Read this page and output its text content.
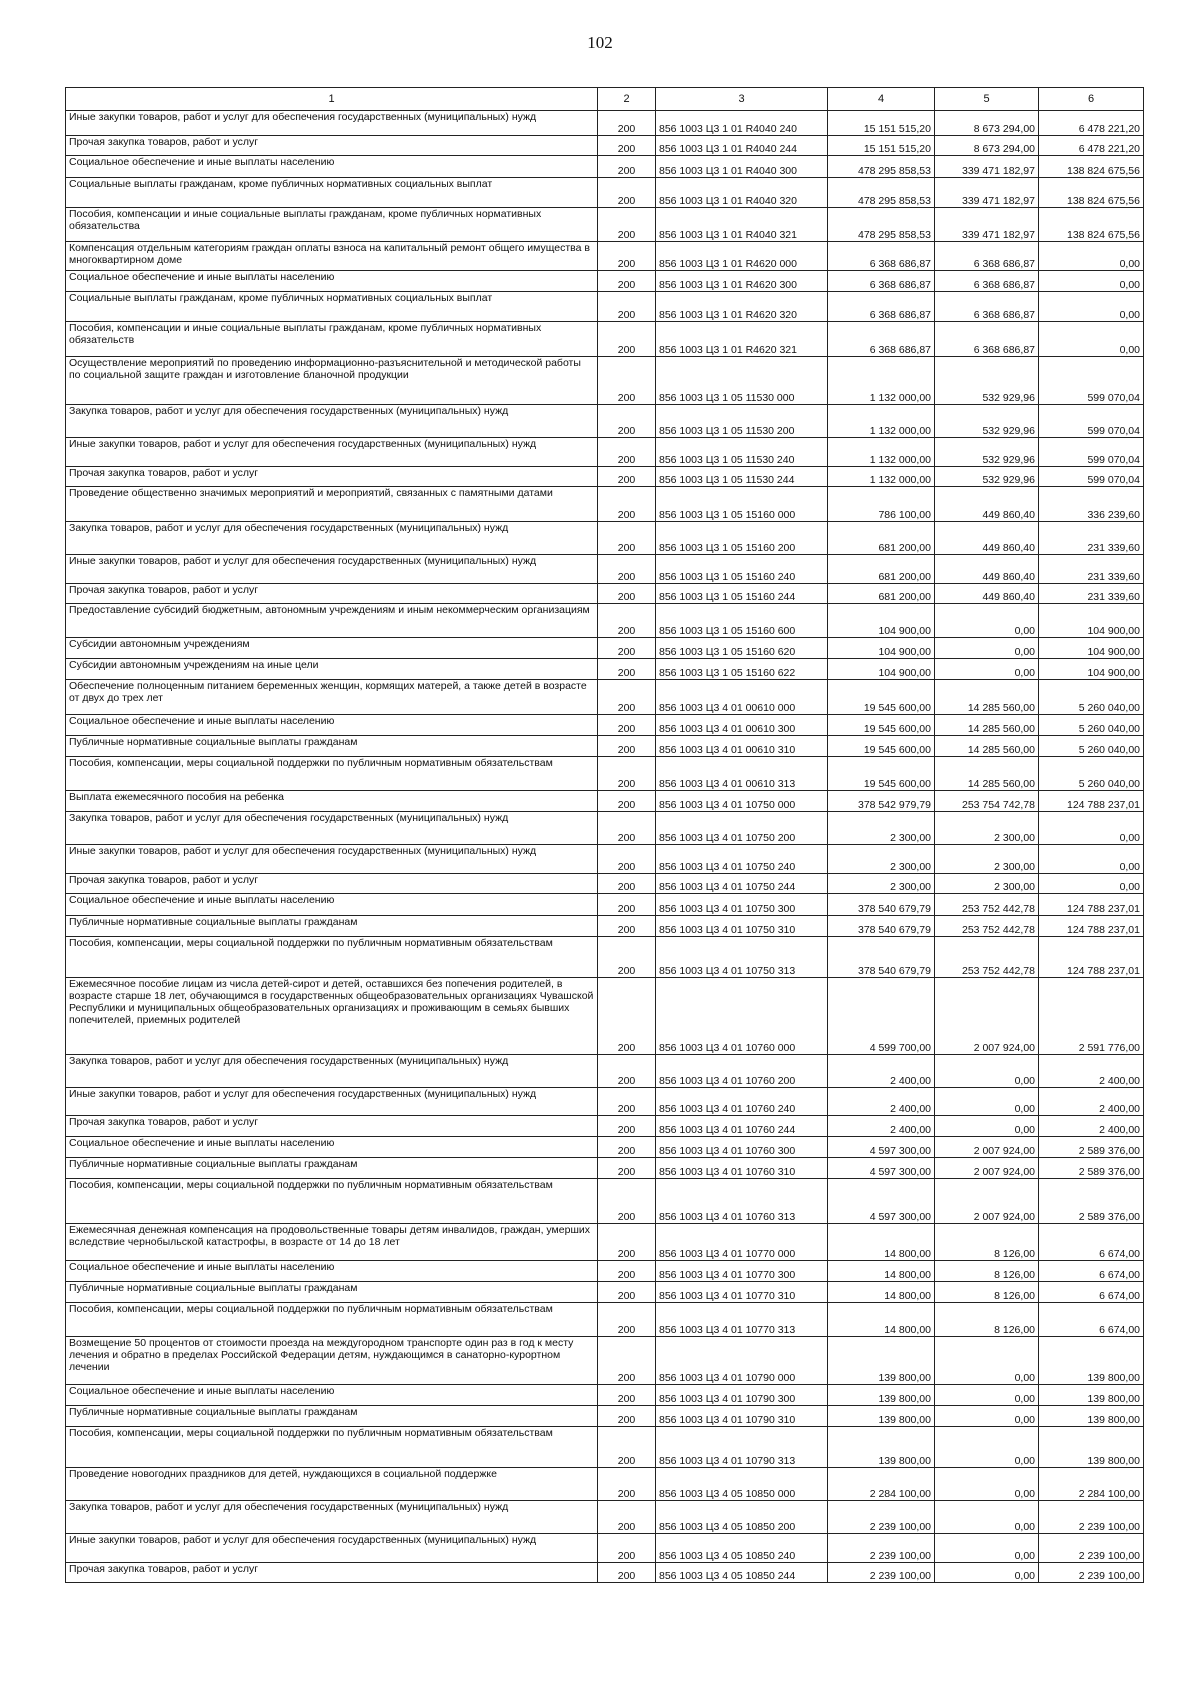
102
1	2	3	4	5	6
Иные закупки товаров, работ и услуг для обеспечения государственных (муниципальных) нужд	200	856 1003 Ц3 1 01 R4040 240	15 151 515,20	8 673 294,00	6 478 221,20
Прочая закупка товаров, работ и услуг	200	856 1003 Ц3 1 01 R4040 244	15 151 515,20	8 673 294,00	6 478 221,20
Социальное обеспечение и иные выплаты населению	200	856 1003 Ц3 1 01 R4040 300	478 295 858,53	339 471 182,97	138 824 675,56
Социальные выплаты гражданам, кроме публичных нормативных социальных выплат	200	856 1003 Ц3 1 01 R4040 320	478 295 858,53	339 471 182,97	138 824 675,56
Пособия, компенсации и иные социальные выплаты гражданам, кроме публичных нормативных обязательства	200	856 1003 Ц3 1 01 R4040 321	478 295 858,53	339 471 182,97	138 824 675,56
Компенсация отдельным категориям граждан оплаты взноса на капитальный ремонт общего имущества в многоквартирном доме	200	856 1003 Ц3 1 01 R4620 000	6 368 686,87	6 368 686,87	0,00
Социальное обеспечение и иные выплаты населению	200	856 1003 Ц3 1 01 R4620 300	6 368 686,87	6 368 686,87	0,00
Социальные выплаты гражданам, кроме публичных нормативных социальных выплат	200	856 1003 Ц3 1 01 R4620 320	6 368 686,87	6 368 686,87	0,00
Пособия, компенсации и иные социальные выплаты гражданам, кроме публичных нормативных обязательств	200	856 1003 Ц3 1 01 R4620 321	6 368 686,87	6 368 686,87	0,00
Осуществление мероприятий по проведению информационно-разъяснительной и методической работы по социальной защите граждан и изготовление бланочной продукции	200	856 1003 Ц3 1 05 11530 000	1 132 000,00	532 929,96	599 070,04
Закупка товаров, работ и услуг для обеспечения государственных (муниципальных) нужд	200	856 1003 Ц3 1 05 11530 200	1 132 000,00	532 929,96	599 070,04
Иные закупки товаров, работ и услуг для обеспечения государственных (муниципальных) нужд	200	856 1003 Ц3 1 05 11530 240	1 132 000,00	532 929,96	599 070,04
Прочая закупка товаров, работ и услуг	200	856 1003 Ц3 1 05 11530 244	1 132 000,00	532 929,96	599 070,04
Проведение общественно значимых мероприятий и мероприятий, связанных с памятными датами	200	856 1003 Ц3 1 05 15160 000	786 100,00	449 860,40	336 239,60
Закупка товаров, работ и услуг для обеспечения государственных (муниципальных) нужд	200	856 1003 Ц3 1 05 15160 200	681 200,00	449 860,40	231 339,60
Иные закупки товаров, работ и услуг для обеспечения государственных (муниципальных) нужд	200	856 1003 Ц3 1 05 15160 240	681 200,00	449 860,40	231 339,60
Прочая закупка товаров, работ и услуг	200	856 1003 Ц3 1 05 15160 244	681 200,00	449 860,40	231 339,60
Предоставление субсидий бюджетным, автономным учреждениям и иным некоммерческим организациям	200	856 1003 Ц3 1 05 15160 600	104 900,00	0,00	104 900,00
Субсидии автономным учреждениям	200	856 1003 Ц3 1 05 15160 620	104 900,00	0,00	104 900,00
Субсидии автономным учреждениям на иные цели	200	856 1003 Ц3 1 05 15160 622	104 900,00	0,00	104 900,00
Обеспечение полноценным питанием беременных женщин, кормящих матерей, а также детей в возрасте от двух до трех лет	200	856 1003 Ц3 4 01 00610 000	19 545 600,00	14 285 560,00	5 260 040,00
Социальное обеспечение и иные выплаты населению	200	856 1003 Ц3 4 01 00610 300	19 545 600,00	14 285 560,00	5 260 040,00
Публичные нормативные социальные выплаты гражданам	200	856 1003 Ц3 4 01 00610 310	19 545 600,00	14 285 560,00	5 260 040,00
Пособия, компенсации, меры социальной поддержки по публичным нормативным обязательствам	200	856 1003 Ц3 4 01 00610 313	19 545 600,00	14 285 560,00	5 260 040,00
Выплата ежемесячного пособия на ребенка	200	856 1003 Ц3 4 01 10750 000	378 542 979,79	253 754 742,78	124 788 237,01
Закупка товаров, работ и услуг для обеспечения государственных (муниципальных) нужд	200	856 1003 Ц3 4 01 10750 200	2 300,00	2 300,00	0,00
Иные закупки товаров, работ и услуг для обеспечения государственных (муниципальных) нужд	200	856 1003 Ц3 4 01 10750 240	2 300,00	2 300,00	0,00
Прочая закупка товаров, работ и услуг	200	856 1003 Ц3 4 01 10750 244	2 300,00	2 300,00	0,00
Социальное обеспечение и иные выплаты населению	200	856 1003 Ц3 4 01 10750 300	378 540 679,79	253 752 442,78	124 788 237,01
Публичные нормативные социальные выплаты гражданам	200	856 1003 Ц3 4 01 10750 310	378 540 679,79	253 752 442,78	124 788 237,01
Пособия, компенсации, меры социальной поддержки по публичным нормативным обязательствам	200	856 1003 Ц3 4 01 10750 313	378 540 679,79	253 752 442,78	124 788 237,01
Ежемесячное пособие лицам из числа детей-сирот и детей, оставшихся без попечения родителей, в возрасте старше 18 лет, обучающимся в государственных общеобразовательных организациях Чувашской Республики и муниципальных общеобразовательных организациях и проживающим в семьях бывших попечителей, приемных родителей	200	856 1003 Ц3 4 01 10760 000	4 599 700,00	2 007 924,00	2 591 776,00
Закупка товаров, работ и услуг для обеспечения государственных (муниципальных) нужд	200	856 1003 Ц3 4 01 10760 200	2 400,00	0,00	2 400,00
Иные закупки товаров, работ и услуг для обеспечения государственных (муниципальных) нужд	200	856 1003 Ц3 4 01 10760 240	2 400,00	0,00	2 400,00
Прочая закупка товаров, работ и услуг	200	856 1003 Ц3 4 01 10760 244	2 400,00	0,00	2 400,00
Социальное обеспечение и иные выплаты населению	200	856 1003 Ц3 4 01 10760 300	4 597 300,00	2 007 924,00	2 589 376,00
Публичные нормативные социальные выплаты гражданам	200	856 1003 Ц3 4 01 10760 310	4 597 300,00	2 007 924,00	2 589 376,00
Пособия, компенсации, меры социальной поддержки по публичным нормативным обязательствам	200	856 1003 Ц3 4 01 10760 313	4 597 300,00	2 007 924,00	2 589 376,00
Ежемесячная денежная компенсация на продовольственные товары детям инвалидов, граждан, умерших вследствие чернобыльской катастрофы, в возрасте от 14 до 18 лет	200	856 1003 Ц3 4 01 10770 000	14 800,00	8 126,00	6 674,00
Социальное обеспечение и иные выплаты населению	200	856 1003 Ц3 4 01 10770 300	14 800,00	8 126,00	6 674,00
Публичные нормативные социальные выплаты гражданам	200	856 1003 Ц3 4 01 10770 310	14 800,00	8 126,00	6 674,00
Пособия, компенсации, меры социальной поддержки по публичным нормативным обязательствам	200	856 1003 Ц3 4 01 10770 313	14 800,00	8 126,00	6 674,00
Возмещение 50 процентов от стоимости проезда на междугородном транспорте один раз в год к месту лечения и обратно в пределах Российской Федерации детям, нуждающимся в санаторно-курортном лечении	200	856 1003 Ц3 4 01 10790 000	139 800,00	0,00	139 800,00
Социальное обеспечение и иные выплаты населению	200	856 1003 Ц3 4 01 10790 300	139 800,00	0,00	139 800,00
Публичные нормативные социальные выплаты гражданам	200	856 1003 Ц3 4 01 10790 310	139 800,00	0,00	139 800,00
Пособия, компенсации, меры социальной поддержки по публичным нормативным обязательствам	200	856 1003 Ц3 4 01 10790 313	139 800,00	0,00	139 800,00
Проведение новогодних праздников для детей, нуждающихся в социальной поддержке	200	856 1003 Ц3 4 05 10850 000	2 284 100,00	0,00	2 284 100,00
Закупка товаров, работ и услуг для обеспечения государственных (муниципальных) нужд	200	856 1003 Ц3 4 05 10850 200	2 239 100,00	0,00	2 239 100,00
Иные закупки товаров, работ и услуг для обеспечения государственных (муниципальных) нужд	200	856 1003 Ц3 4 05 10850 240	2 239 100,00	0,00	2 239 100,00
Прочая закупка товаров, работ и услуг	200	856 1003 Ц3 4 05 10850 244	2 239 100,00	0,00	2 239 100,00
